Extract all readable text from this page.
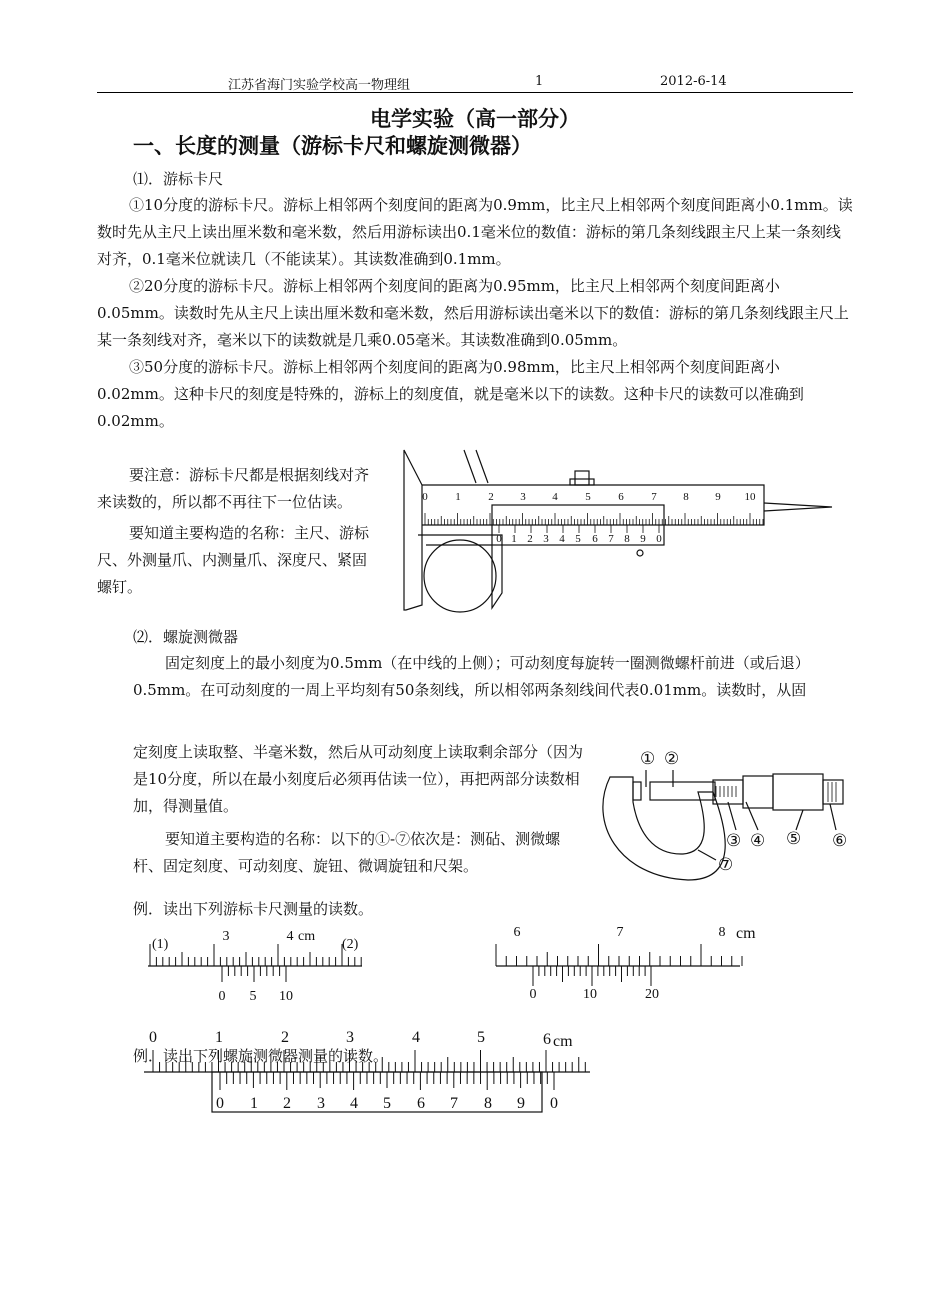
江苏省海门实验学校高一物理组	1	2012-6-14
电学实验（高一部分）
一、长度的测量（游标卡尺和螺旋测微器）
⑴．游标卡尺

①10分度的游标卡尺。游标上相邻两个刻度间的距离为0.9mm，比主尺上相邻两个刻度间距离小0.1mm。读数时先从主尺上读出厘米数和毫米数，然后用游标读出0.1毫米位的数值：游标的第几条刻线跟主尺上某一条刻线对齐，0.1毫米位就读几（不能读某）。其读数准确到0.1mm。

②20分度的游标卡尺。游标上相邻两个刻度间的距离为0.95mm，比主尺上相邻两个刻度间距离小0.05mm。读数时先从主尺上读出厘米数和毫米数，然后用游标读出毫米以下的数值：游标的第几条刻线跟主尺上某一条刻线对齐，毫米以下的读数就是几乘0.05毫米。其读数准确到0.05mm。

③50分度的游标卡尺。游标上相邻两个刻度间的距离为0.98mm，比主尺上相邻两个刻度间距离小0.02mm。这种卡尺的刻度是特殊的，游标上的刻度值，就是毫米以下的读数。这种卡尺的读数可以准确到0.02mm。

要注意：游标卡尺都是根据刻线对齐来读数的，所以都不再往下一位估读。

要知道主要构造的名称：主尺、游标尺、外测量爪、内测量爪、深度尺、紧固螺钉。

0	1	2 3 4	5	6	7 8 9 10
0 1 2 3 4 5 6 7 8 9 0
⑵．螺旋测微器

固定刻度上的最小刻度为0.5mm（在中线的上侧）；可动刻度每旋转一圈测微螺杆前进（或后退）0.5mm。在可动刻度的一周上平均刻有50条刻线，所以相邻两条刻线间代表0.01mm。读数时，从固

定刻度上读取整、半毫米数，然后从可动刻度上读取剩余部分（因为是10分度，所以在最小刻度后必须再估读一位），再把两部分读数相加，得测量值。

要知道主要构造的名称：以下的①-⑦依次是：测砧、测微螺杆、固定刻度、可动刻度、旋钮、微调旋钮和尺架。

① ②
③ ④ ⑤ ⑥
⑦
例．读出下列游标卡尺测量的读数。
(1)
3	4 cm
0 5 10
(2)
6	7	8 cm
0	10	20
例．读出下列螺旋测微器测量的读数。
0	1	2	3	4	5	6 cm
0 1 2 3 4 5 6 7 8 9 0
